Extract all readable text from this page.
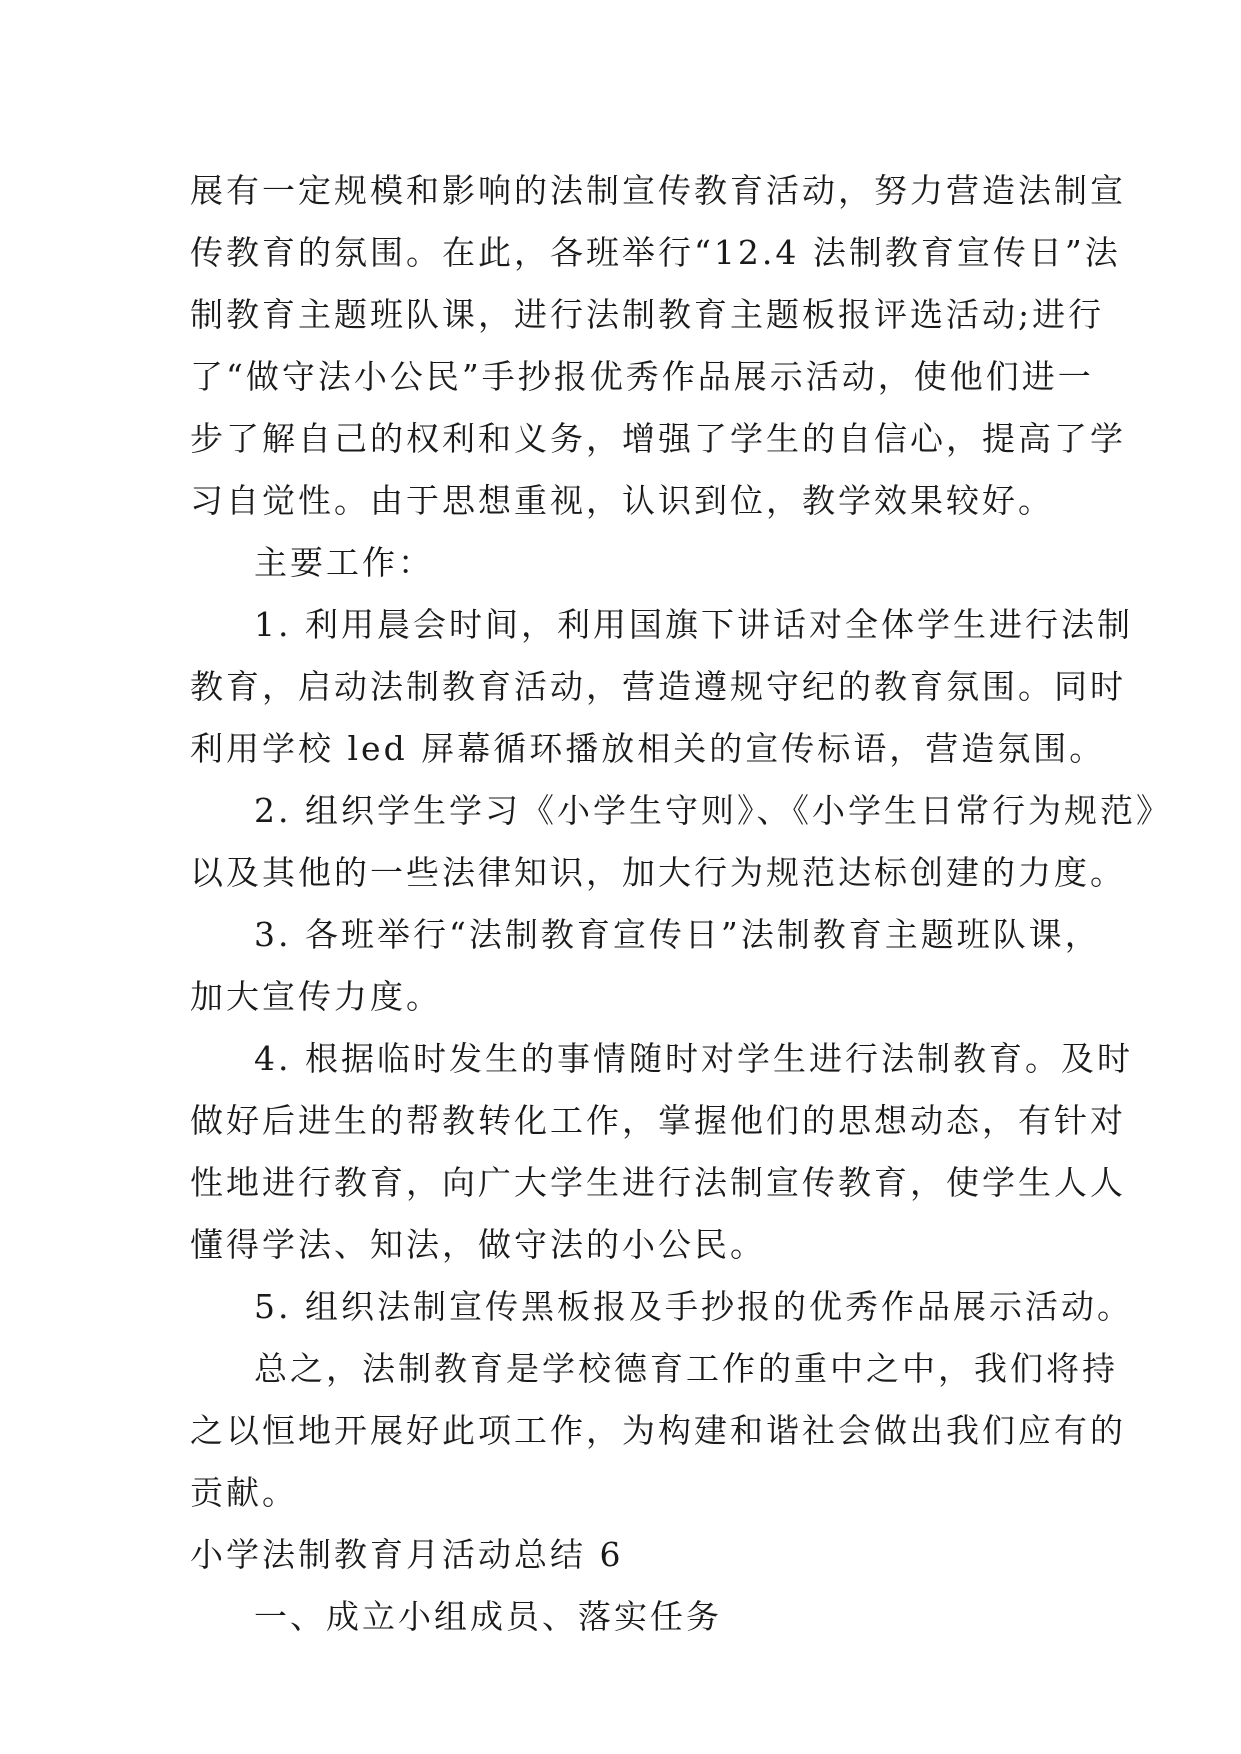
展有一定规模和影响的法制宣传教育活动，努力营造法制宣
传教育的氛围。在此，各班举行“12.4 法制教育宣传日”法
制教育主题班队课，进行法制教育主题板报评选活动;进行
了“做守法小公民”手抄报优秀作品展示活动，使他们进一
步了解自己的权利和义务，增强了学生的自信心，提高了学
习自觉性。由于思想重视，认识到位，教学效果较好。
主要工作：
1. 利用晨会时间，利用国旗下讲话对全体学生进行法制
教育，启动法制教育活动，营造遵规守纪的教育氛围。同时
利用学校 led 屏幕循环播放相关的宣传标语，营造氛围。
2. 组织学生学习《小学生守则》、《小学生日常行为规范》
以及其他的一些法律知识，加大行为规范达标创建的力度。
3. 各班举行“法制教育宣传日”法制教育主题班队课，
加大宣传力度。
4. 根据临时发生的事情随时对学生进行法制教育。及时
做好后进生的帮教转化工作，掌握他们的思想动态，有针对
性地进行教育，向广大学生进行法制宣传教育，使学生人人
懂得学法、知法，做守法的小公民。
5. 组织法制宣传黑板报及手抄报的优秀作品展示活动。
总之，法制教育是学校德育工作的重中之中，我们将持
之以恒地开展好此项工作，为构建和谐社会做出我们应有的
贡献。
小学法制教育月活动总结 6
一、成立小组成员、落实任务
